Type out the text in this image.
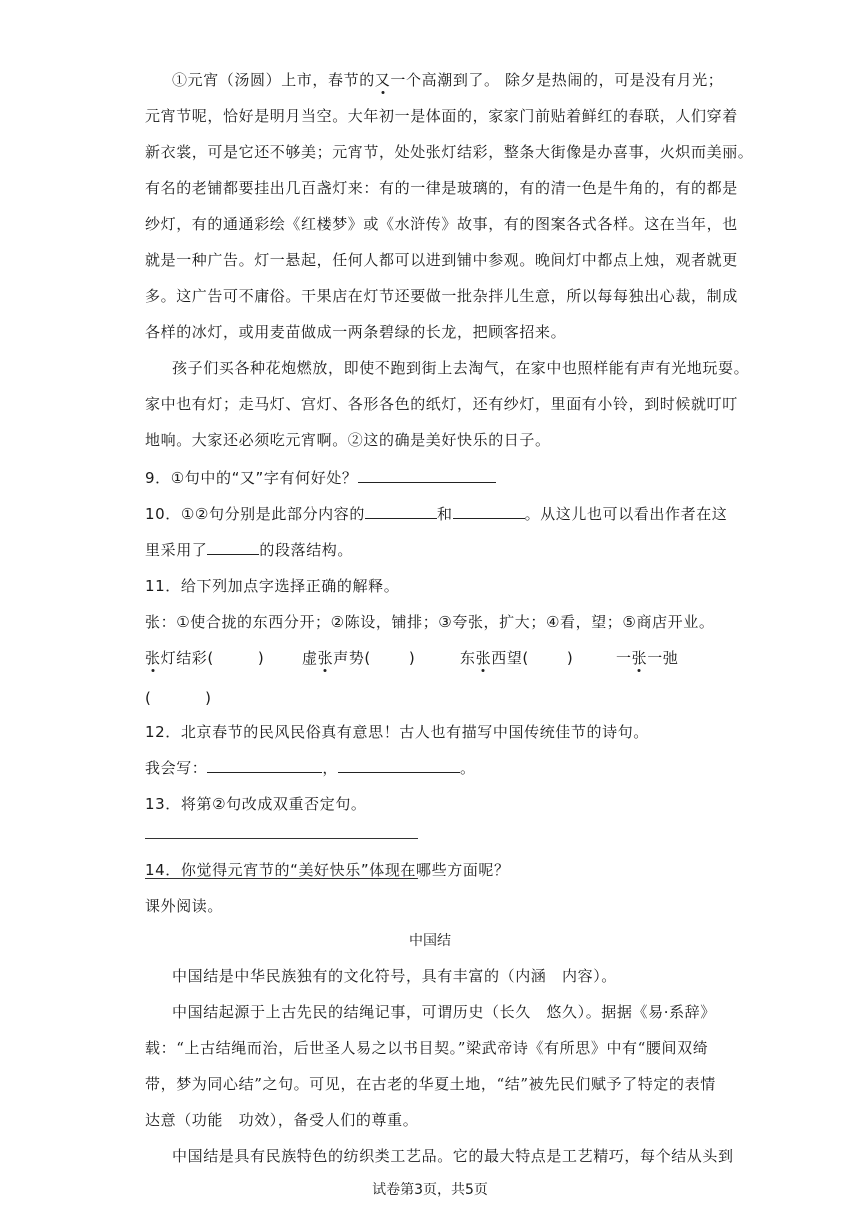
①元宵（汤圆）上市，春节的又一个高潮到了。 除夕是热闹的，可是没有月光；
元宵节呢，恰好是明月当空。大年初一是体面的，家家门前贴着鲜红的春联，人们穿着
新衣裳，可是它还不够美；元宵节，处处张灯结彩，整条大街像是办喜事，火炽而美丽。
有名的老铺都要挂出几百盏灯来：有的一律是玻璃的，有的清一色是牛角的，有的都是
纱灯，有的通通彩绘《红楼梦》或《水浒传》故事，有的图案各式各样。这在当年，也
就是一种广告。灯一悬起，任何人都可以进到铺中参观。晚间灯中都点上烛，观者就更
多。这广告可不庸俗。干果店在灯节还要做一批杂拌儿生意，所以每每独出心裁，制成
各样的冰灯，或用麦苗做成一两条碧绿的长龙，把顾客招来。
孩子们买各种花炮燃放，即使不跑到街上去淘气，在家中也照样能有声有光地玩耍。
家中也有灯；走马灯、宫灯、各形各色的纸灯，还有纱灯，里面有小铃，到时候就叮叮
地响。大家还必须吃元宵啊。②这的确是美好快乐的日子。
9．①句中的“又”字有何好处？
10．①②句分别是此部分内容的	和	。从这儿也可以看出作者在这
里采用了	的段落结构。
11．给下列加点字选择正确的解释。
张：①使合拢的东西分开；②陈设，铺排；③夸张，扩大；④看，望；⑤商店开业。
张灯结彩(	)	虚张声势(	)	东张西望(	)	一张一弛
(          )
12．北京春节的民风民俗真有意思！古人也有描写中国传统佳节的诗句。
我会写：	，	。
13．将第②句改成双重否定句。
14．你觉得元宵节的“美好快乐”体现在哪些方面呢？
课外阅读。
中国结
中国结是中华民族独有的文化符号，具有丰富的（内涵　内容）。
中国结起源于上古先民的结绳记事，可谓历史（长久　悠久）。据据《易·系辞》
载：“上古结绳而治，后世圣人易之以书目契。”梁武帝诗《有所思》中有“腰间双绮
带，梦为同心结”之句。可见，在古老的华夏土地，“结”被先民们赋予了特定的表情
达意（功能　功效），备受人们的尊重。
中国结是具有民族特色的纺织类工艺品。它的最大特点是工艺精巧，每个结从头到
试卷第3页，共5页
